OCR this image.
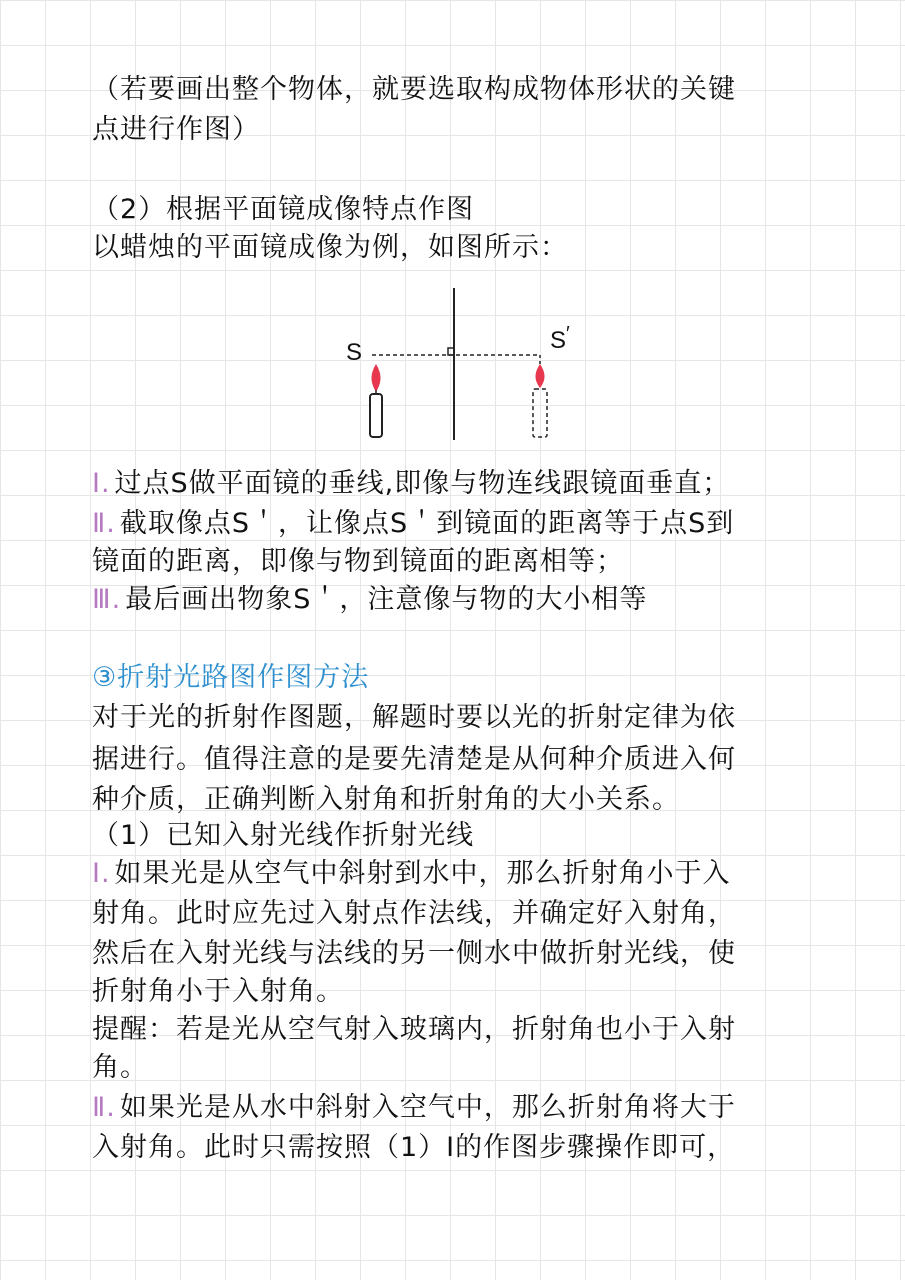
（若要画出整个物体，就要选取构成物体形状的关键
点进行作图）
（2）根据平面镜成像特点作图
以蜡烛的平面镜成像为例，如图所示：
S	S′
Ⅰ. 过点S做平面镜的垂线,即像与物连线跟镜面垂直；
Ⅱ. 截取像点S＇，让像点S＇到镜面的距离等于点S到
镜面的距离，即像与物到镜面的距离相等；
Ⅲ. 最后画出物象S＇，注意像与物的大小相等
③折射光路图作图方法
对于光的折射作图题，解题时要以光的折射定律为依
据进行。值得注意的是要先清楚是从何种介质进入何
种介质，正确判断入射角和折射角的大小关系。
（1）已知入射光线作折射光线
Ⅰ. 如果光是从空气中斜射到水中，那么折射角小于入
射角。此时应先过入射点作法线，并确定好入射角，
然后在入射光线与法线的另一侧水中做折射光线，使
折射角小于入射角。
提醒：若是光从空气射入玻璃内，折射角也小于入射
角。
Ⅱ. 如果光是从水中斜射入空气中，那么折射角将大于
入射角。此时只需按照（1）Ⅰ的作图步骤操作即可，
